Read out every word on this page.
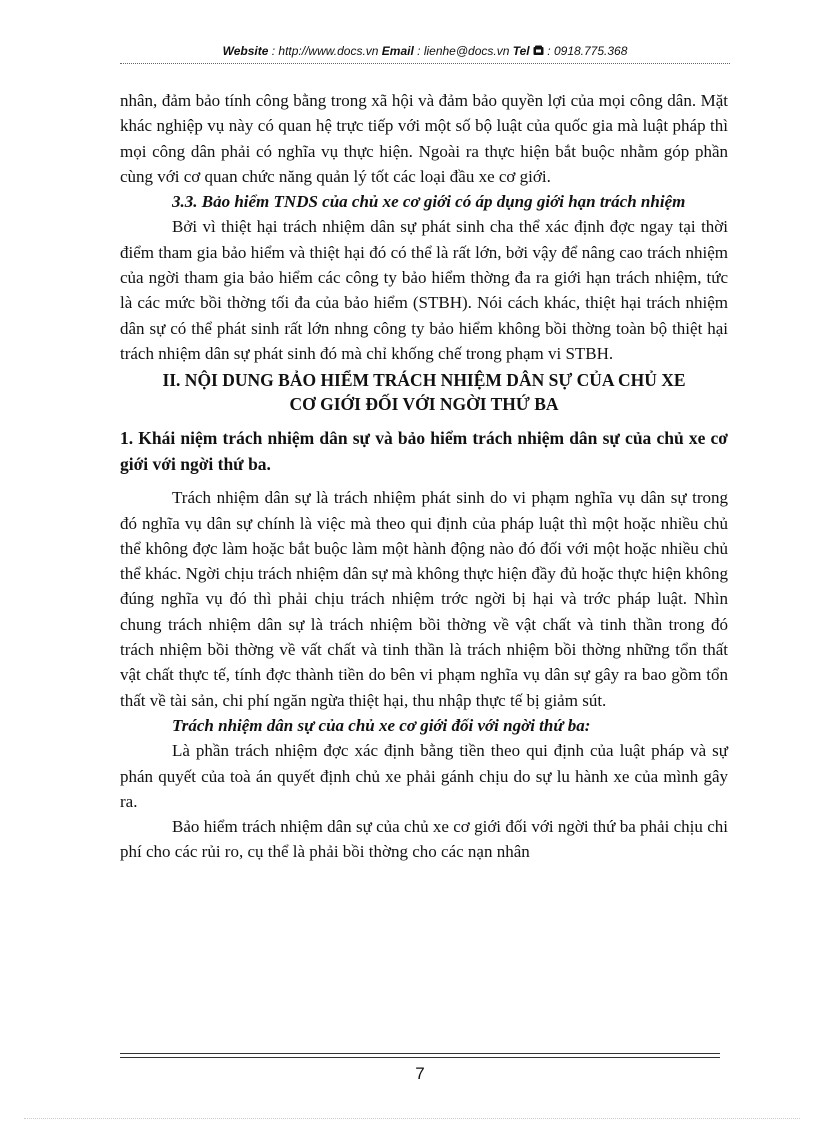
Website : http://www.docs.vn Email : lienhe@docs.vn Tel  : 0918.775.368

nhân, đảm bảo tính công bằng trong xã hội và đảm bảo quyền lợi của mọi công dân. Mặt khác nghiệp vụ này có quan hệ trực tiếp với một số bộ luật của quốc gia mà luật pháp thì mọi công dân phải có nghĩa vụ thực hiện. Ngoài ra thực hiện bắt buộc nhằm góp phần cùng với cơ quan chức năng quản lý tốt các loại đầu xe cơ giới.

3.3. Bảo hiểm TNDS của chủ xe cơ giới có áp dụng giới hạn trách nhiệm

Bởi vì thiệt hại trách nhiệm dân sự phát sinh cha thể xác định đợc ngay tại thời điểm tham gia bảo hiểm và thiệt hại đó có thể là rất lớn, bởi vậy để nâng cao trách nhiệm của ngời tham gia bảo hiểm các công ty bảo hiểm thờng đa ra giới hạn trách nhiệm, tức là các mức bồi thờng tối đa của bảo hiểm (STBH). Nói cách khác, thiệt hại trách nhiệm dân sự có thể phát sinh rất lớn nhng công ty bảo hiểm không bồi thờng toàn bộ thiệt hại trách nhiệm dân sự phát sinh đó mà chỉ khống chế trong phạm vi STBH.

II. NỘI DUNG BẢO HIỂM TRÁCH NHIỆM DÂN SỰ CỦA CHỦ XE
CƠ GIỚI ĐỐI VỚI NGỜI THỨ BA

1. Khái niệm trách nhiệm dân sự và bảo hiểm trách nhiệm dân sự của chủ xe cơ giới với ngời thứ ba.

Trách nhiệm dân sự là trách nhiệm phát sinh do vi phạm nghĩa vụ dân sự trong đó nghĩa vụ dân sự chính là việc mà theo qui định của pháp luật thì một hoặc nhiều chủ thể không đợc làm hoặc bắt buộc làm một hành động nào đó đối với một hoặc nhiều chủ thể khác. Ngời chịu trách nhiệm dân sự mà không thực hiện đầy đủ hoặc thực hiện không đúng nghĩa vụ đó thì phải chịu trách nhiệm trớc ngời bị hại và trớc pháp luật. Nhìn chung trách nhiệm dân sự là trách nhiệm bồi thờng về vật chất và tinh thần trong đó trách nhiệm bồi thờng về vất chất và tinh thần là trách nhiệm bồi thờng những tổn thất vật chất thực tế, tính đợc thành tiền do bên vi phạm nghĩa vụ dân sự gây ra bao gồm tổn thất về tài sản, chi phí ngăn ngừa thiệt hại, thu nhập thực tế bị giảm sút.

Trách nhiệm dân sự của chủ xe cơ giới đối với ngời thứ ba:

Là phần trách nhiệm đợc xác định bằng tiền theo qui định của luật pháp và sự phán quyết của toà án quyết định chủ xe phải gánh chịu do sự lu hành xe của mình gây ra.

Bảo hiểm trách nhiệm dân sự của chủ xe cơ giới đối với ngời thứ ba phải chịu chi phí cho các rủi ro, cụ thể là phải bồi thờng cho các nạn nhân

7
